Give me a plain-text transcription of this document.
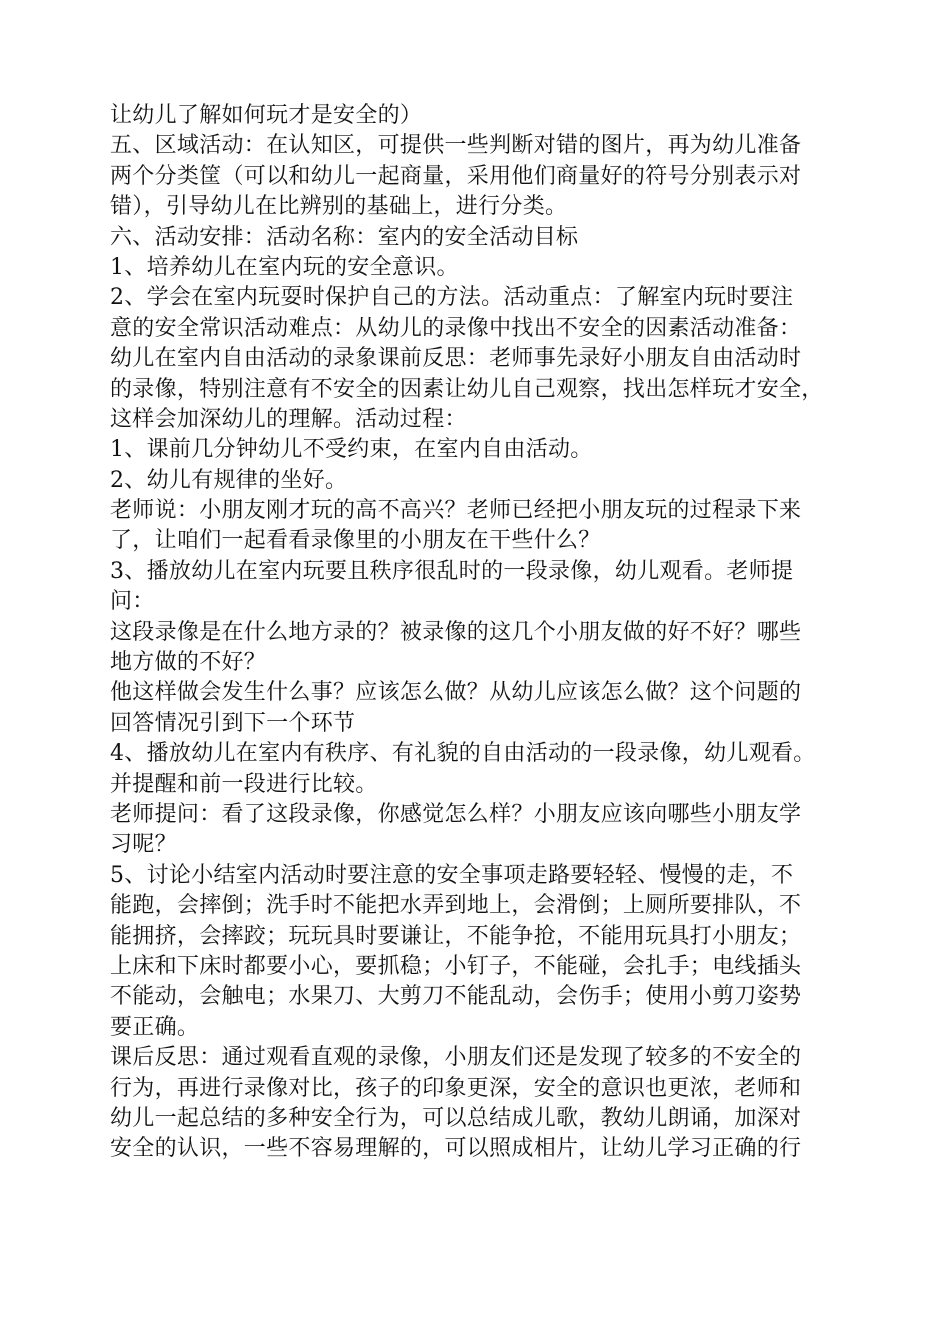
让幼儿了解如何玩才是安全的）
五、区域活动：在认知区，可提供一些判断对错的图片，再为幼儿准备
两个分类筐（可以和幼儿一起商量，采用他们商量好的符号分别表示对
错），引导幼儿在比辨别的基础上，进行分类。
六、活动安排：活动名称：室内的安全活动目标
1、培养幼儿在室内玩的安全意识。
2、学会在室内玩耍时保护自己的方法。活动重点：了解室内玩时要注
意的安全常识活动难点：从幼儿的录像中找出不安全的因素活动准备：
幼儿在室内自由活动的录象课前反思：老师事先录好小朋友自由活动时
的录像，特别注意有不安全的因素让幼儿自己观察，找出怎样玩才安全，
这样会加深幼儿的理解。活动过程：
1、课前几分钟幼儿不受约束，在室内自由活动。
2、幼儿有规律的坐好。
老师说：小朋友刚才玩的高不高兴？老师已经把小朋友玩的过程录下来
了，让咱们一起看看录像里的小朋友在干些什么？
3、播放幼儿在室内玩要且秩序很乱时的一段录像，幼儿观看。老师提
问：
这段录像是在什么地方录的？被录像的这几个小朋友做的好不好？哪些
地方做的不好？
他这样做会发生什么事？应该怎么做？从幼儿应该怎么做？这个问题的
回答情况引到下一个环节
4、播放幼儿在室内有秩序、有礼貌的自由活动的一段录像，幼儿观看。
并提醒和前一段进行比较。
老师提问：看了这段录像，你感觉怎么样？小朋友应该向哪些小朋友学
习呢？
5、讨论小结室内活动时要注意的安全事项走路要轻轻、慢慢的走，不
能跑，会摔倒；洗手时不能把水弄到地上，会滑倒；上厕所要排队，不
能拥挤，会摔跤；玩玩具时要谦让，不能争抢，不能用玩具打小朋友；
上床和下床时都要小心，要抓稳；小钉子，不能碰，会扎手；电线插头
不能动，会触电；水果刀、大剪刀不能乱动，会伤手；使用小剪刀姿势
要正确。
课后反思：通过观看直观的录像，小朋友们还是发现了较多的不安全的
行为，再进行录像对比，孩子的印象更深，安全的意识也更浓，老师和
幼儿一起总结的多种安全行为，可以总结成儿歌，教幼儿朗诵，加深对
安全的认识，一些不容易理解的，可以照成相片，让幼儿学习正确的行
